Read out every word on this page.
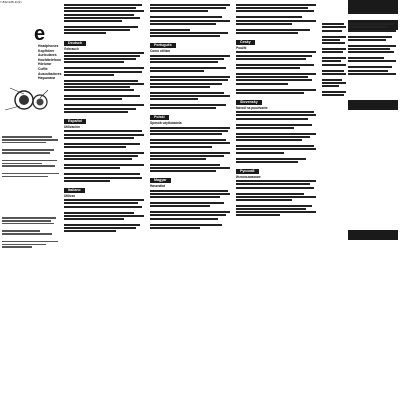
7-832-025-11(1)
e
Headphones
Kopfhörer
Auriculares
Hoofdtelefoon
Hörlurar
Cuffie
Auscultadores
Наушники
Deutsch
Gebrauch
Español
Utilización
Italiano
Utilizzo
Português
Como utilizar
Polski
Sposób użytkowania
Magyar
Használat
Česky
Použití
Slovensky
Návod na používanie
Русский
Использование
